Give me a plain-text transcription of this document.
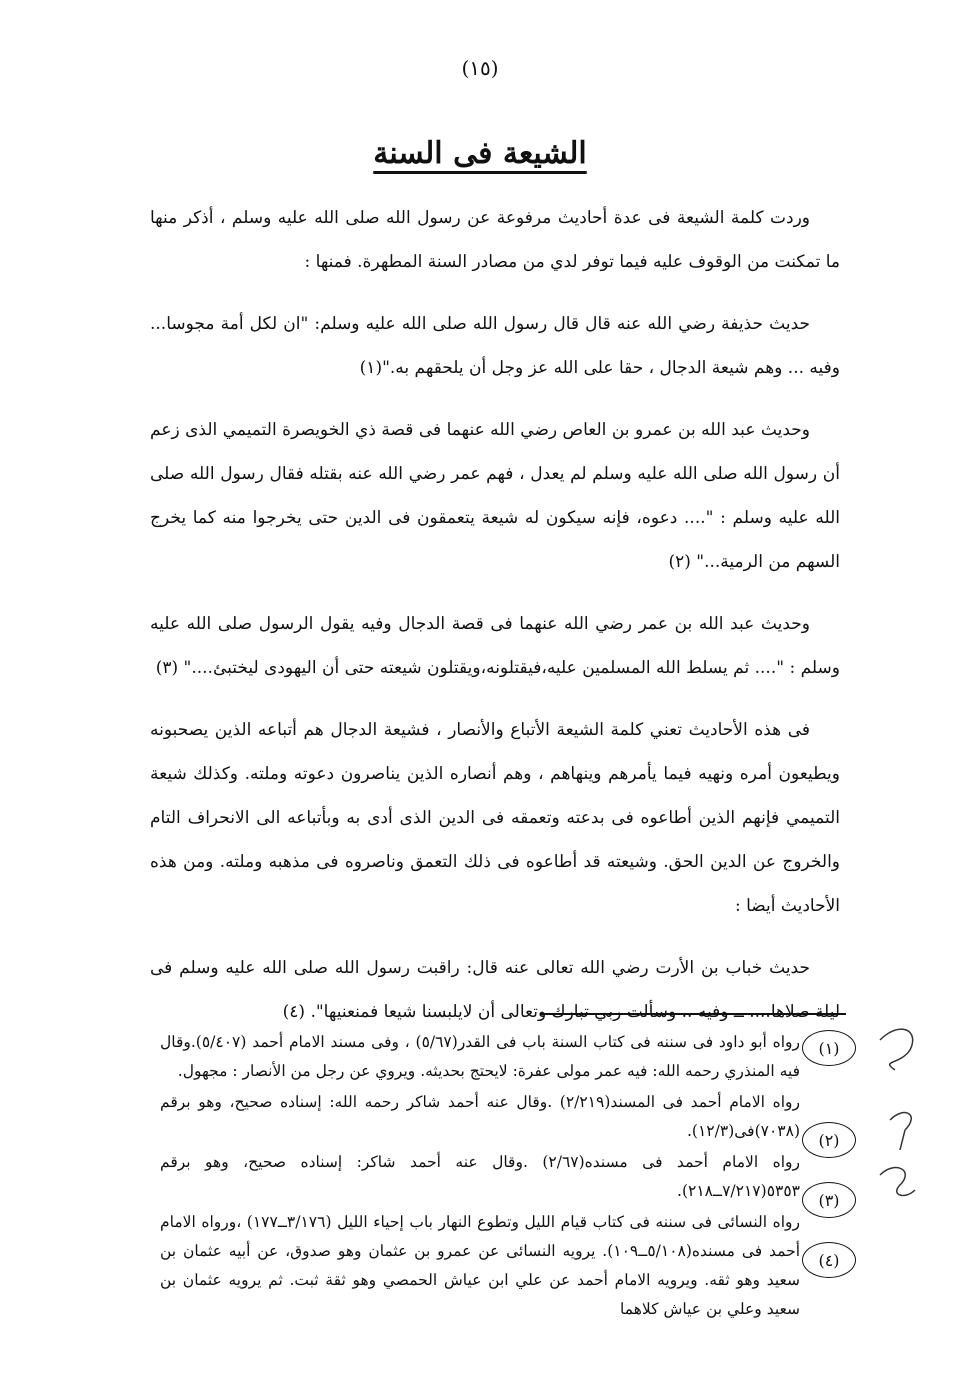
(١٥)
الشيعة فى السنة

وردت كلمة الشيعة فى عدة أحاديث مرفوعة عن رسول الله صلى الله عليه وسلم ، أذكر منها ما تمكنت من الوقوف عليه فيما توفر لدي من مصادر السنة المطهرة. فمنها :

حديث حذيفة رضي الله عنه قال قال رسول الله صلى الله عليه وسلم: "ان لكل أمة مجوسا... وفيه ... وهم شيعة الدجال ، حقا على الله عز وجل أن يلحقهم به."(١)

وحديث عبد الله بن عمرو بن العاص رضي الله عنهما فى قصة ذي الخويصرة التميمي الذى زعم أن رسول الله صلى الله عليه وسلم لم يعدل ، فهم عمر رضي الله عنه بقتله فقال رسول الله صلى الله عليه وسلم : ".... دعوه، فإنه سيكون له شيعة يتعمقون فى الدين حتى يخرجوا منه كما يخرج السهم من الرمية..." (٢)

وحديث عبد الله بن عمر رضي الله عنهما فى قصة الدجال وفيه يقول الرسول صلى الله عليه وسلم : ".... ثم يسلط الله المسلمين عليه،فيقتلونه،ويقتلون شيعته حتى أن اليهودى ليختبئ...." (٣)

فى هذه الأحاديث تعني كلمة الشيعة الأتباع والأنصار ، فشيعة الدجال هم أتباعه الذين يصحبونه ويطيعون أمره ونهيه فيما يأمرهم وينهاهم ، وهم أنصاره الذين يناصرون دعوته وملته. وكذلك شيعة التميمي فإنهم الذين أطاعوه فى بدعته وتعمقه فى الدين الذى أدى به وبأتباعه الى الانحراف التام والخروج عن الدين الحق. وشيعته قد أطاعوه فى ذلك التعمق وناصروه فى مذهبه وملته. ومن هذه الأحاديث أيضا :

حديث خباب بن الأرت رضي الله تعالى عنه قال: راقبت رسول الله صلى الله عليه وسلم فى ليلة صلاها.... ــ وفيه .. وسألت ربي تبارك وتعالى أن لايلبسنا شيعا فمنعنيها". (٤)

(١)
(٢)
(٣)
(٤)

رواه أبو داود فى سننه فى كتاب السنة باب فى القدر(٥/٦٧) ، وفى مسند الامام أحمد (٥/٤٠٧).وقال فيه المنذري رحمه الله: فيه عمر مولى عفرة: لايحتج بحديثه. ويروي عن رجل من الأنصار : مجهول.

رواه الامام أحمد فى المسند(٢/٢١٩) .وقال عنه أحمد شاكر رحمه الله: إسناده صحيح، وهو برقم (٧٠٣٨)فى(١٢/٣).

رواه الامام أحمد فى مسنده(٢/٦٧) .وقال عنه أحمد شاكر: إسناده صحيح، وهو برقم ٥٣٥٣(٧/٢١٧ــ٢١٨).

رواه النسائى فى سننه فى كتاب قيام الليل وتطوع النهار باب إحياء الليل (٣/١٧٦ــ١٧٧) ،ورواه الامام أحمد فى مسنده(٥/١٠٨ــ١٠٩). يرويه النسائى عن عمرو بن عثمان وهو صدوق، عن أبيه عثمان بن سعيد وهو ثقه. ويرويه الامام أحمد عن علي ابن عياش الحمصي وهو ثقة ثبت. ثم يرويه عثمان بن سعيد وعلي بن عياش كلاهما
